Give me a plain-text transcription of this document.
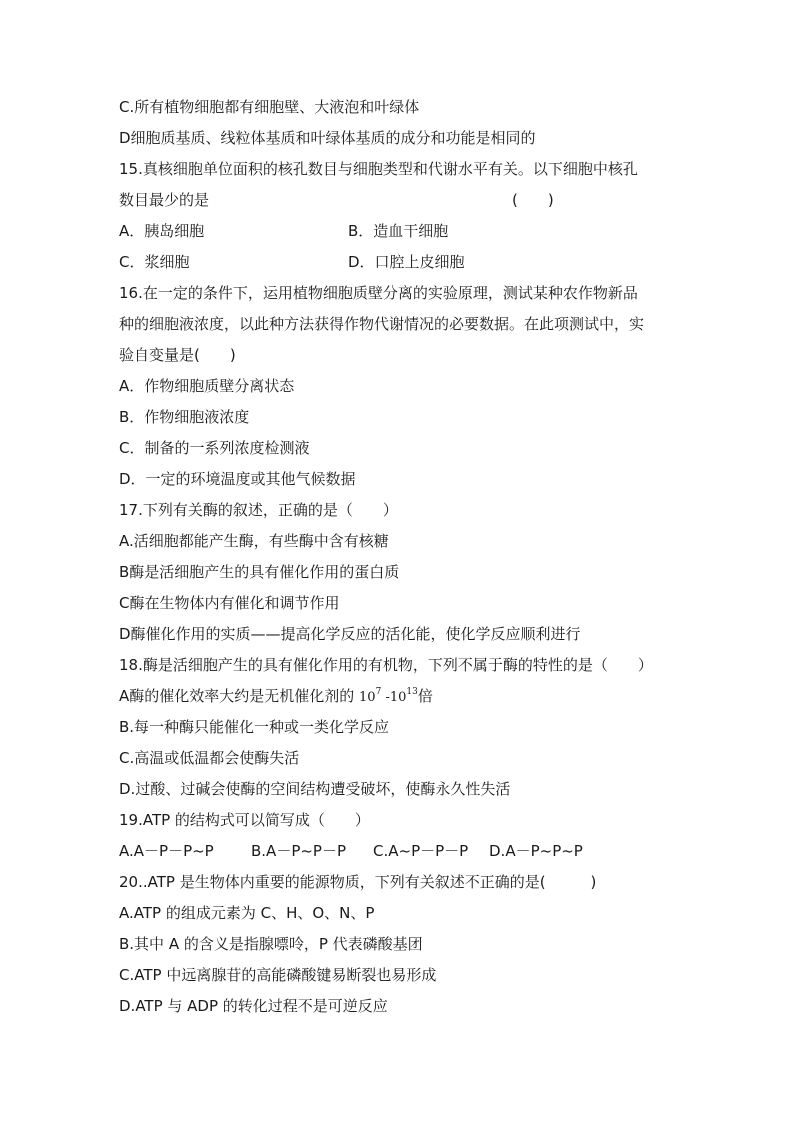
C.所有植物细胞都有细胞壁、大液泡和叶绿体
D细胞质基质、线粒体基质和叶绿体基质的成分和功能是相同的
15.真核细胞单位面积的核孔数目与细胞类型和代谢水平有关。以下细胞中核孔
数目最少的是	(　　)
A．胰岛细胞	B．造血干细胞
C．浆细胞	D．口腔上皮细胞
16.在一定的条件下，运用植物细胞质壁分离的实验原理，测试某种农作物新品
种的细胞液浓度，以此种方法获得作物代谢情况的必要数据。在此项测试中，实
验自变量是(　　)
A．作物细胞质壁分离状态
B．作物细胞液浓度
C．制备的一系列浓度检测液
D．一定的环境温度或其他气候数据
17.下列有关酶的叙述，正确的是（　　）
A.活细胞都能产生酶，有些酶中含有核糖
B酶是活细胞产生的具有催化作用的蛋白质
C酶在生物体内有催化和调节作用
D酶催化作用的实质——提高化学反应的活化能，使化学反应顺利进行
18.酶是活细胞产生的具有催化作用的有机物，下列不属于酶的特性的是（　　）
A酶的催化效率大约是无机催化剂的 $10^7$ $-10^{13}$倍
B.每一种酶只能催化一种或一类化学反应
C.高温或低温都会使酶失活
D.过酸、过碱会使酶的空间结构遭受破坏，使酶永久性失活
19.ATP 的结构式可以简写成（　　）
A.A－P－P~P B.A－P~P－P C.A~P－P－P D.A－P~P~P
20..ATP 是生物体内重要的能源物质，下列有关叙述不正确的是(　　　)
A.ATP 的组成元素为 C、H、O、N、P
B.其中 A 的含义是指腺嘌呤，P 代表磷酸基团
C.ATP 中远离腺苷的高能磷酸键易断裂也易形成
D.ATP 与 ADP 的转化过程不是可逆反应
